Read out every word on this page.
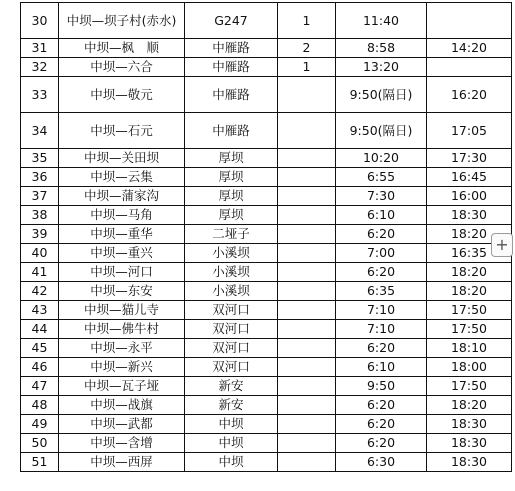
30	中坝—坝子村(赤水)	G247	1	11:40	
31	中坝—枫　顺	中雁路	2	8:58	14:20
32	中坝—六合	中雁路	1	13:20	
33	中坝—敬元	中雁路		9:50(隔日)	16:20
34	中坝—石元	中雁路		9:50(隔日)	17:05
35	中坝—关田坝	厚坝		10:20	17:30
36	中坝—云集	厚坝		6:55	16:45
37	中坝—蒲家沟	厚坝		7:30	16:00
38	中坝—马角	厚坝		6:10	18:30
39	中坝—重华	二垭子		6:20	18:20
40	中坝—重兴	小溪坝		7:00	16:35
41	中坝—河口	小溪坝		6:20	18:20
42	中坝—东安	小溪坝		6:35	18:20
43	中坝—猫儿寺	双河口		7:10	17:50
44	中坝—佛牛村	双河口		7:10	17:50
45	中坝—永平	双河口		6:20	18:10
46	中坝—新兴	双河口		6:10	18:00
47	中坝—瓦子垭	新安		9:50	17:50
48	中坝—战旗	新安		6:20	18:20
49	中坝—武都	中坝		6:20	18:30
50	中坝—含增	中坝		6:20	18:30
51	中坝—西屏	中坝		6:30	18:30
+
